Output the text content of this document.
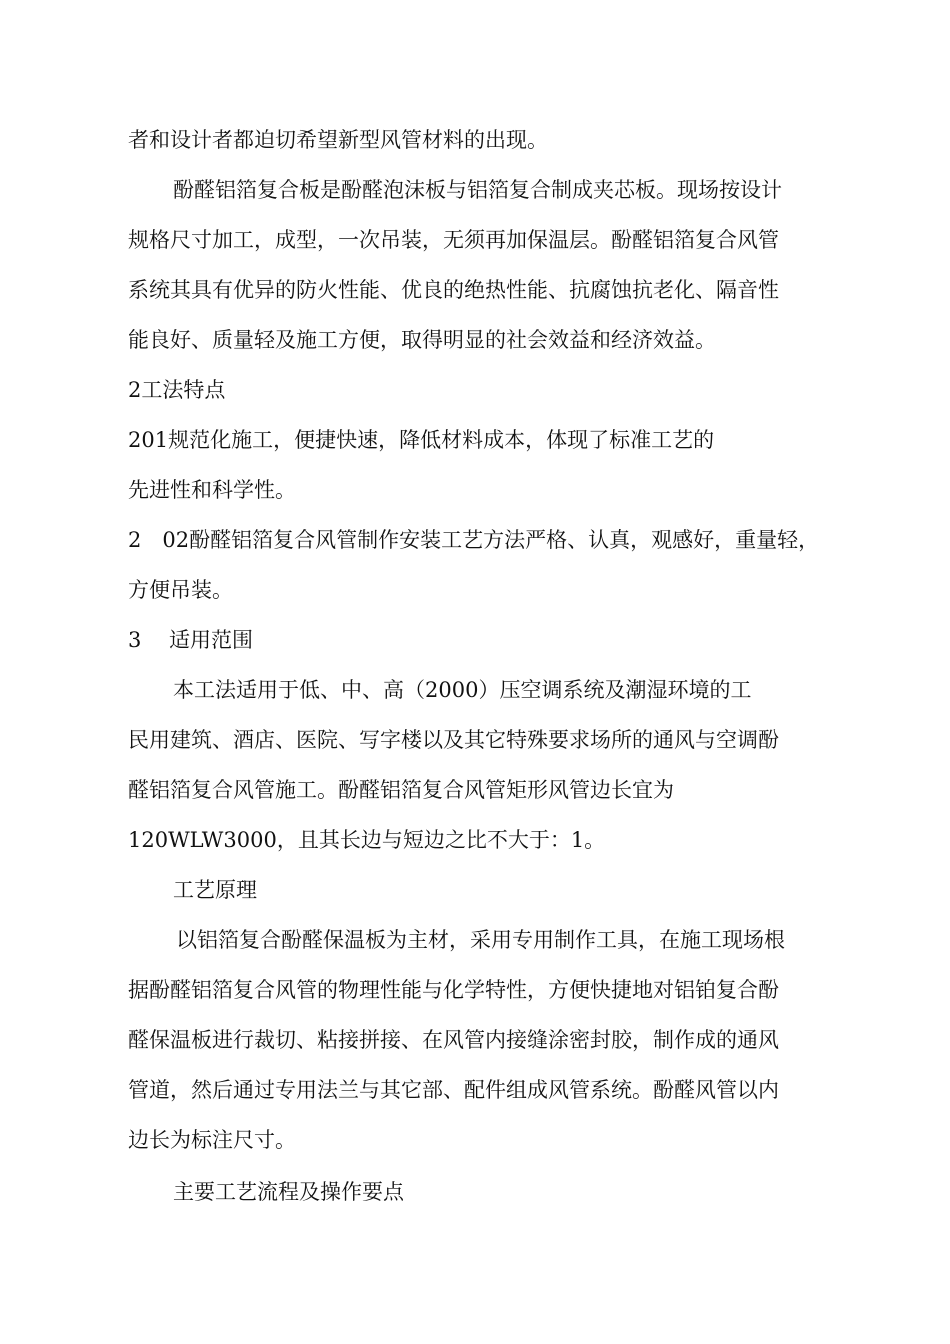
者和设计者都迫切希望新型风管材料的出现。
酚醛铝箔复合板是酚醛泡沫板与铝箔复合制成夹芯板。现场按设计
规格尺寸加工，成型，一次吊装，无须再加保温层。酚醛铝箔复合风管
系统其具有优异的防火性能、优良的绝热性能、抗腐蚀抗老化、隔音性
能良好、质量轻及施工方便，取得明显的社会效益和经济效益。
2工法特点
201规范化施工，便捷快速，降低材料成本，体现了标准工艺的
先进性和科学性。
2　02酚醛铝箔复合风管制作安装工艺方法严格、认真，观感好，重量轻，
方便吊装。
3　 适用范围
本工法适用于低、中、高（2000）压空调系统及潮湿环境的工
民用建筑、酒店、医院、写字楼以及其它特殊要求场所的通风与空调酚
醛铝箔复合风管施工。酚醛铝箔复合风管矩形风管边长宜为
120WLW3000，且其长边与短边之比不大于：1。
工艺原理
以铝箔复合酚醛保温板为主材，采用专用制作工具，在施工现场根
据酚醛铝箔复合风管的物理性能与化学特性，方便快捷地对铝铂复合酚
醛保温板进行裁切、粘接拼接、在风管内接缝涂密封胶，制作成的通风
管道，然后通过专用法兰与其它部、配件组成风管系统。酚醛风管以内
边长为标注尺寸。
主要工艺流程及操作要点
